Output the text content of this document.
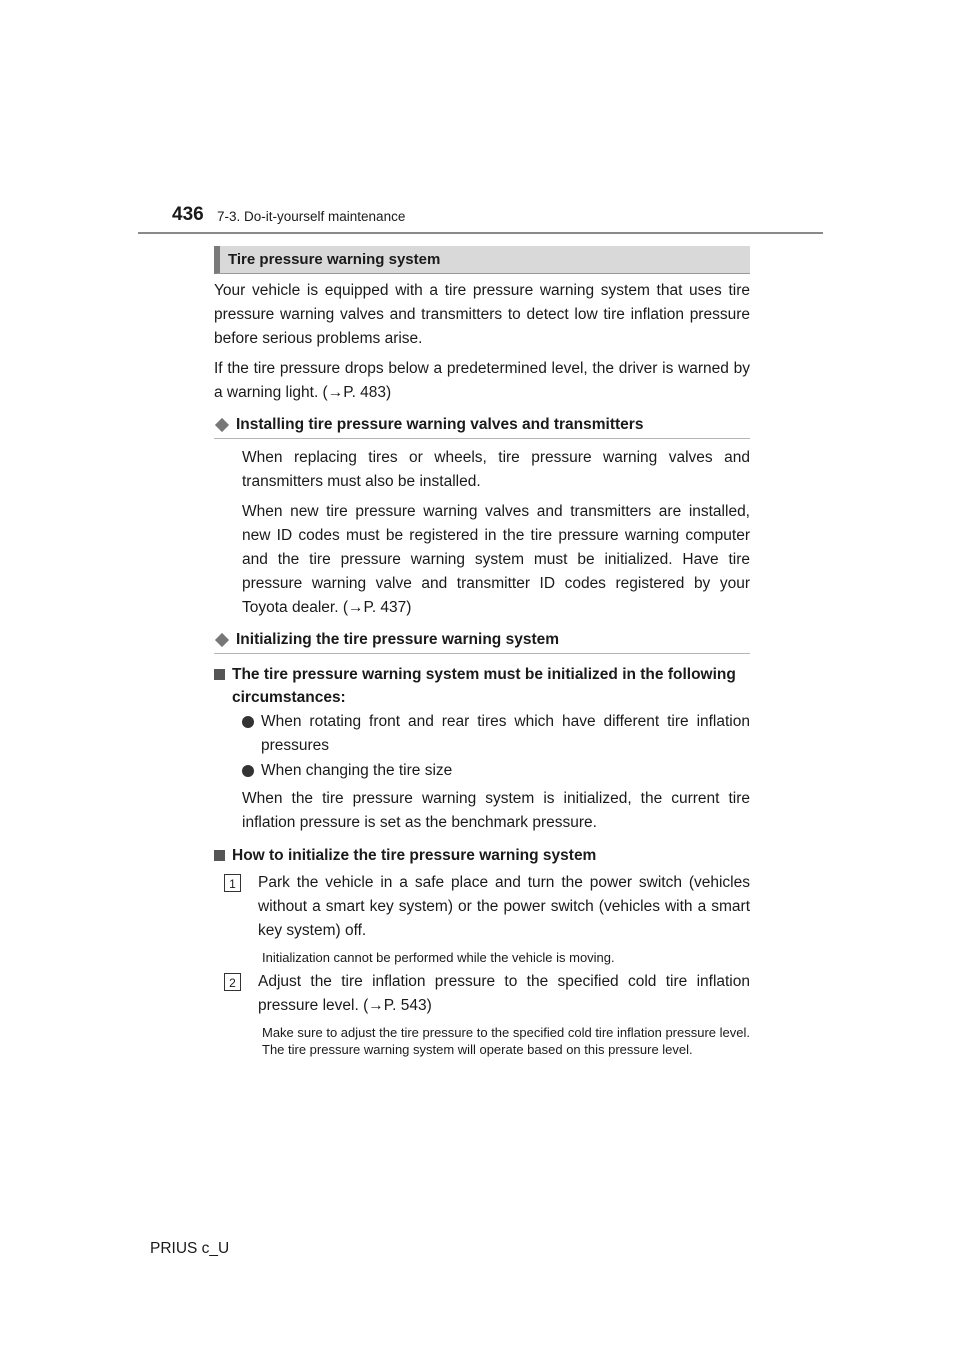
436 7-3. Do-it-yourself maintenance
Tire pressure warning system

Your vehicle is equipped with a tire pressure warning system that uses tire pressure warning valves and transmitters to detect low tire inflation pressure before serious problems arise.

If the tire pressure drops below a predetermined level, the driver is warned by a warning light. (→P. 483)

Installing tire pressure warning valves and transmitters

When replacing tires or wheels, tire pressure warning valves and transmitters must also be installed.

When new tire pressure warning valves and transmitters are installed, new ID codes must be registered in the tire pressure warning computer and the tire pressure warning system must be initialized. Have tire pressure warning valve and transmitter ID codes registered by your Toyota dealer. (→P. 437)

Initializing the tire pressure warning system
The tire pressure warning system must be initialized in the following circumstances:
When rotating front and rear tires which have different tire inflation pressures
When changing the tire size

When the tire pressure warning system is initialized, the current tire inflation pressure is set as the benchmark pressure.

How to initialize the tire pressure warning system
1	Park the vehicle in a safe place and turn the power switch (vehicles without a smart key system) or the power switch (vehicles with a smart key system) off.

Initialization cannot be performed while the vehicle is moving.

2	Adjust the tire inflation pressure to the specified cold tire inflation pressure level. (→P. 543)

Make sure to adjust the tire pressure to the specified cold tire inflation pressure level. The tire pressure warning system will operate based on this pressure level.

PRIUS c_U
